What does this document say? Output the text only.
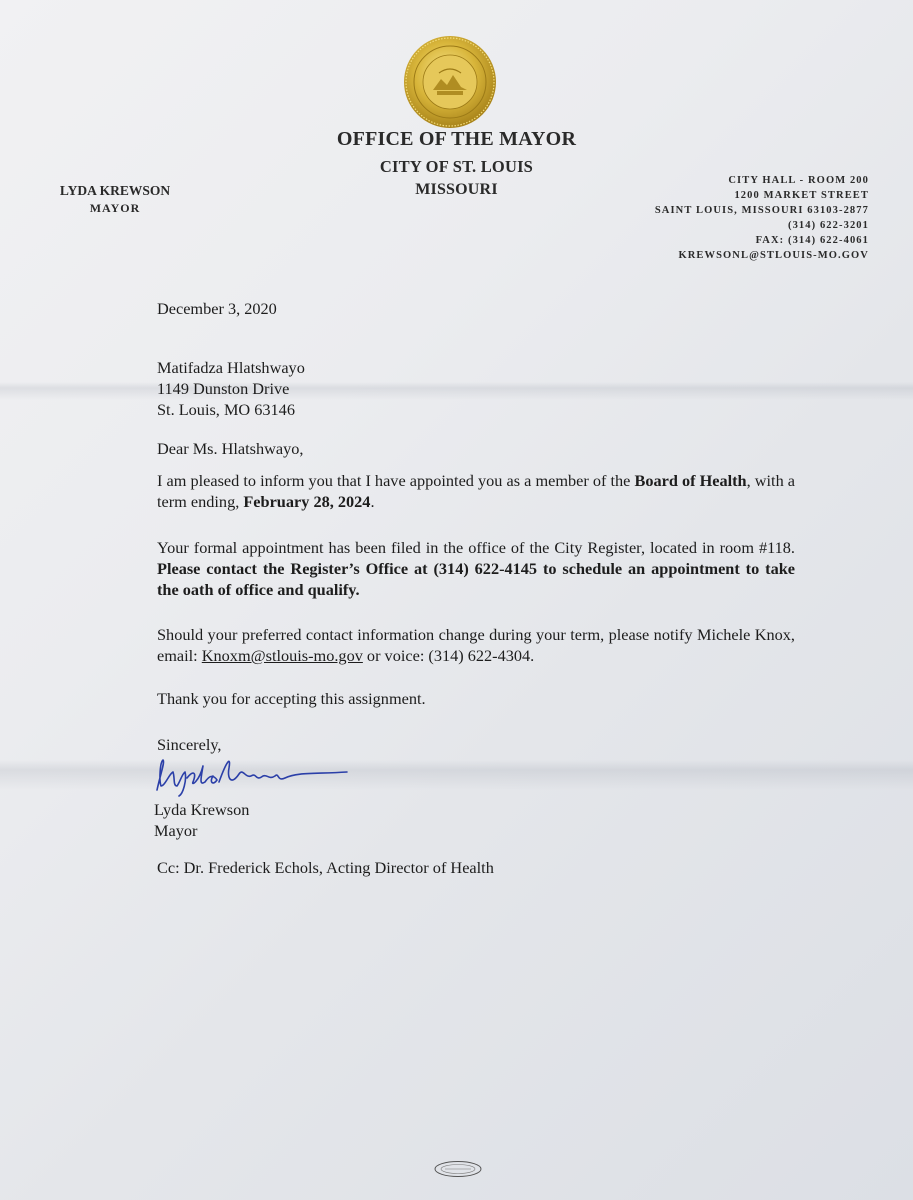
OFFICE OF THE MAYOR
CITY OF ST. LOUIS
MISSOURI
LYDA KREWSON
MAYOR
CITY HALL - ROOM 200
1200 MARKET STREET
SAINT LOUIS, MISSOURI 63103-2877
(314) 622-3201
FAX: (314) 622-4061
KREWSONL@STLOUIS-MO.GOV
December 3, 2020
Matifadza Hlatshwayo
1149 Dunston Drive
St. Louis, MO 63146
Dear Ms. Hlatshwayo,
I am pleased to inform you that I have appointed you as a member of the Board of Health, with a term ending, February 28, 2024.
Your formal appointment has been filed in the office of the City Register, located in room #118. Please contact the Register’s Office at (314) 622-4145 to schedule an appointment to take the oath of office and qualify.
Should your preferred contact information change during your term, please notify Michele Knox, email: Knoxm@stlouis-mo.gov or voice: (314) 622-4304.
Thank you for accepting this assignment.
Sincerely,
Lyda Krewson
Mayor
Cc: Dr. Frederick Echols, Acting Director of Health
